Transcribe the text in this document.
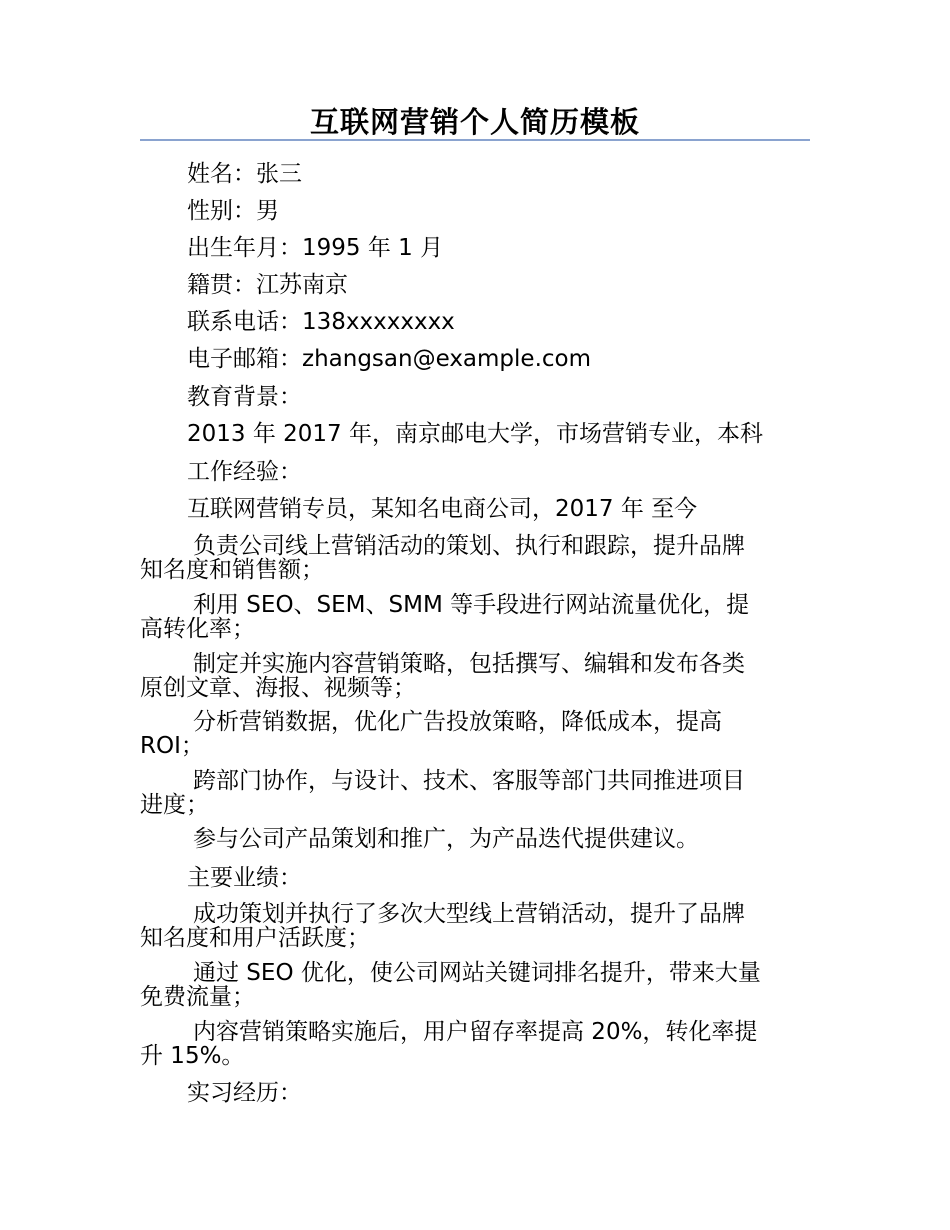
互联网营销个人简历模板
姓名：张三
性别：男
出生年月：1995 年 1 月
籍贯：江苏南京
联系电话：138xxxxxxxx
电子邮箱：zhangsan@example.com
教育背景：
2013 年 2017 年，南京邮电大学，市场营销专业，本科
工作经验：
互联网营销专员，某知名电商公司，2017 年 至今
负责公司线上营销活动的策划、执行和跟踪，提升品牌
知名度和销售额；
利用 SEO、SEM、SMM 等手段进行网站流量优化，提
高转化率；
制定并实施内容营销策略，包括撰写、编辑和发布各类
原创文章、海报、视频等；
分析营销数据，优化广告投放策略，降低成本，提高
ROI；
跨部门协作，与设计、技术、客服等部门共同推进项目
进度；
参与公司产品策划和推广，为产品迭代提供建议。
主要业绩：
成功策划并执行了多次大型线上营销活动，提升了品牌
知名度和用户活跃度；
通过 SEO 优化，使公司网站关键词排名提升，带来大量
免费流量；
内容营销策略实施后，用户留存率提高 20%，转化率提
升 15%。
实习经历：
